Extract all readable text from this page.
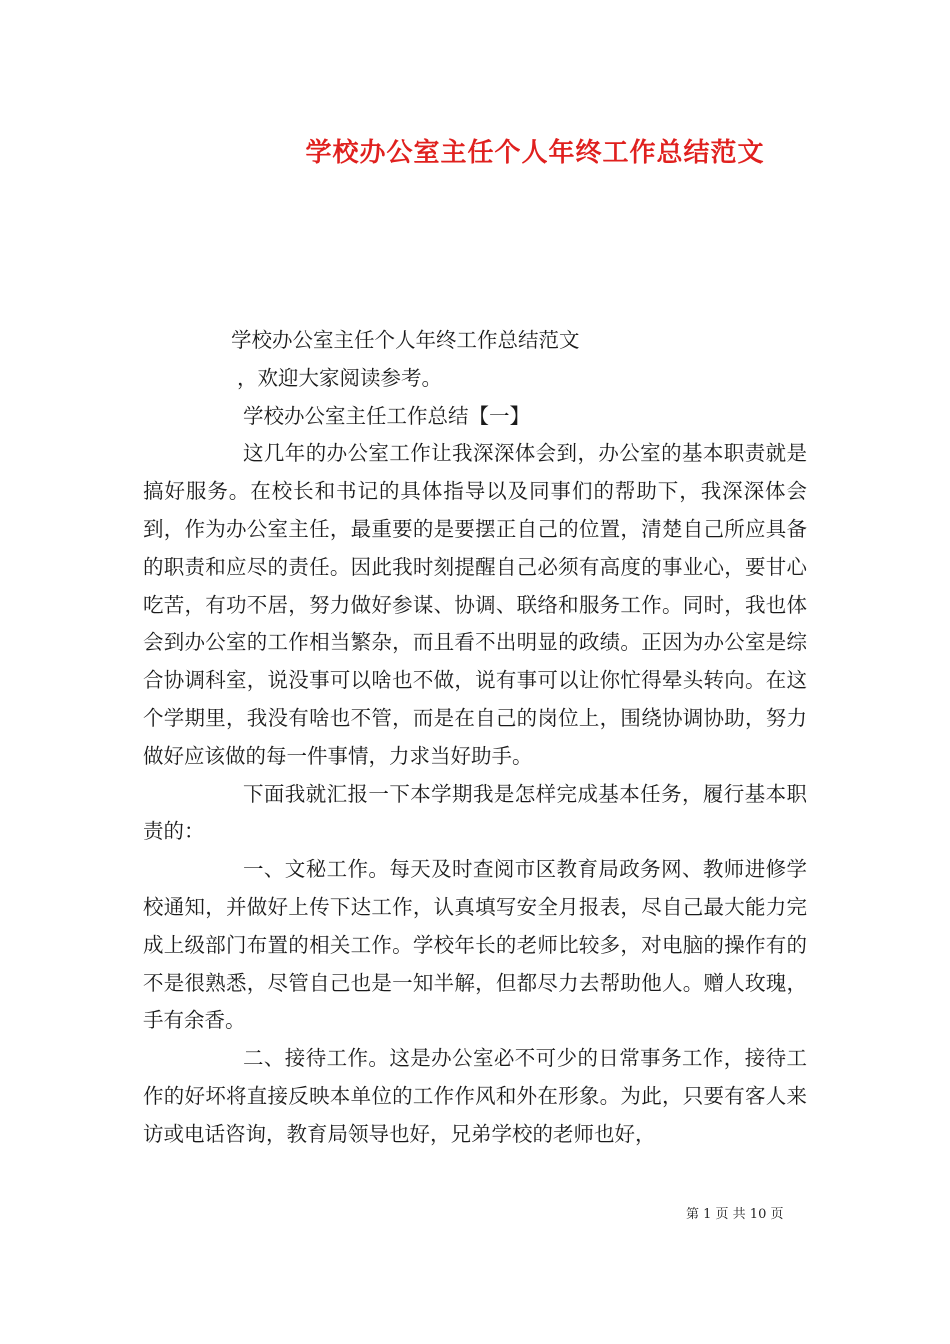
学校办公室主任个人年终工作总结范文

学校办公室主任个人年终工作总结范文

，欢迎大家阅读参考。

学校办公室主任工作总结【一】

这几年的办公室工作让我深深体会到，办公室的基本职责就是搞好服务。在校长和书记的具体指导以及同事们的帮助下，我深深体会到，作为办公室主任，最重要的是要摆正自己的位置，清楚自己所应具备的职责和应尽的责任。因此我时刻提醒自己必须有高度的事业心，要甘心吃苦，有功不居，努力做好参谋、协调、联络和服务工作。同时，我也体会到办公室的工作相当繁杂，而且看不出明显的政绩。正因为办公室是综合协调科室，说没事可以啥也不做，说有事可以让你忙得晕头转向。在这个学期里，我没有啥也不管，而是在自己的岗位上，围绕协调协助，努力做好应该做的每一件事情，力求当好助手。

下面我就汇报一下本学期我是怎样完成基本任务，履行基本职责的：

一、文秘工作。每天及时查阅市区教育局政务网、教师进修学校通知，并做好上传下达工作，认真填写安全月报表，尽自己最大能力完成上级部门布置的相关工作。学校年长的老师比较多，对电脑的操作有的不是很熟悉，尽管自己也是一知半解，但都尽力去帮助他人。赠人玫瑰，手有余香。

二、接待工作。这是办公室必不可少的日常事务工作，接待工作的好坏将直接反映本单位的工作作风和外在形象。为此，只要有客人来访或电话咨询，教育局领导也好，兄弟学校的老师也好，

第 1 页 共 10 页
